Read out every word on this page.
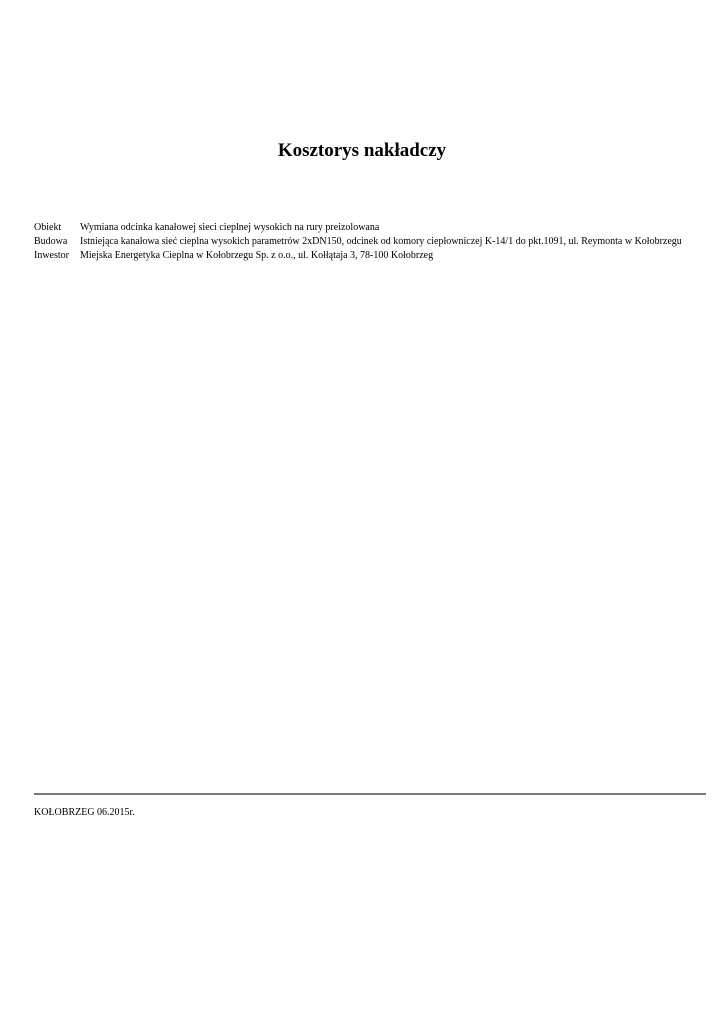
Kosztorys nakładczy
Obiekt	Wymiana odcinka kanałowej sieci cieplnej wysokich na rury preizolowana
Budowa	Istniejąca kanałowa sieć cieplna wysokich parametrów 2xDN150, odcinek od komory ciepłowniczej K-14/1 do pkt.1091, ul. Reymonta w Kołobrzegu
Inwestor	Miejska Energetyka Cieplna w Kołobrzegu Sp. z o.o., ul. Kołłątaja 3, 78-100 Kołobrzeg
KOŁOBRZEG 06.2015r.
